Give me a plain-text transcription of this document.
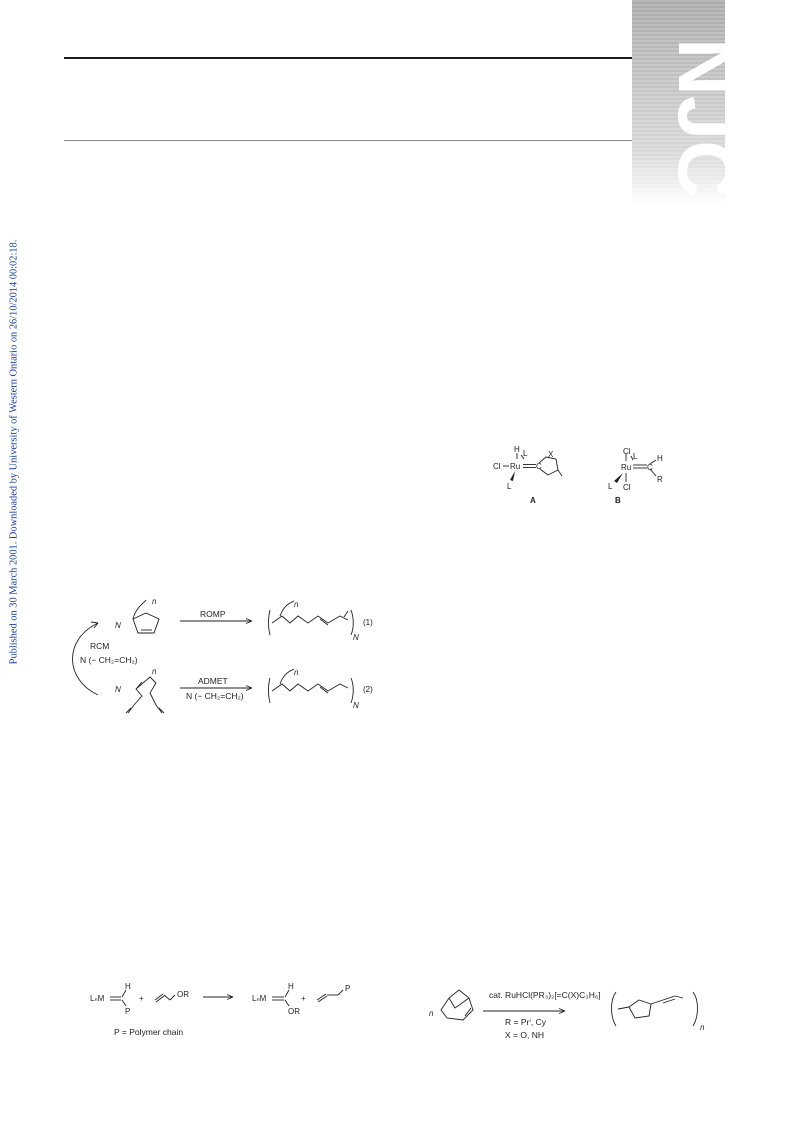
Published on 30 March 2001. Downloaded by University of Western Ontario on 26/10/2014 00:02:18.
NJC
H L
Cl Ru C
X
L
A
Cl
L
Ru C
H
R
L Cl
B
N
n
ROMP
(1)
n
N
RCM
N (− CH₂=CH₂)
N
n
ADMET
N (− CH₂=CH₂)
(2)
n
N
LₙM
H
P
+	OR	LₙM
H
OR
+
P
P = Polymer chain
n
cat. RuHCl(PR₃)₂[=C(X)C₃H₆]
R = Prⁱ, Cy
X = O, NH
n
